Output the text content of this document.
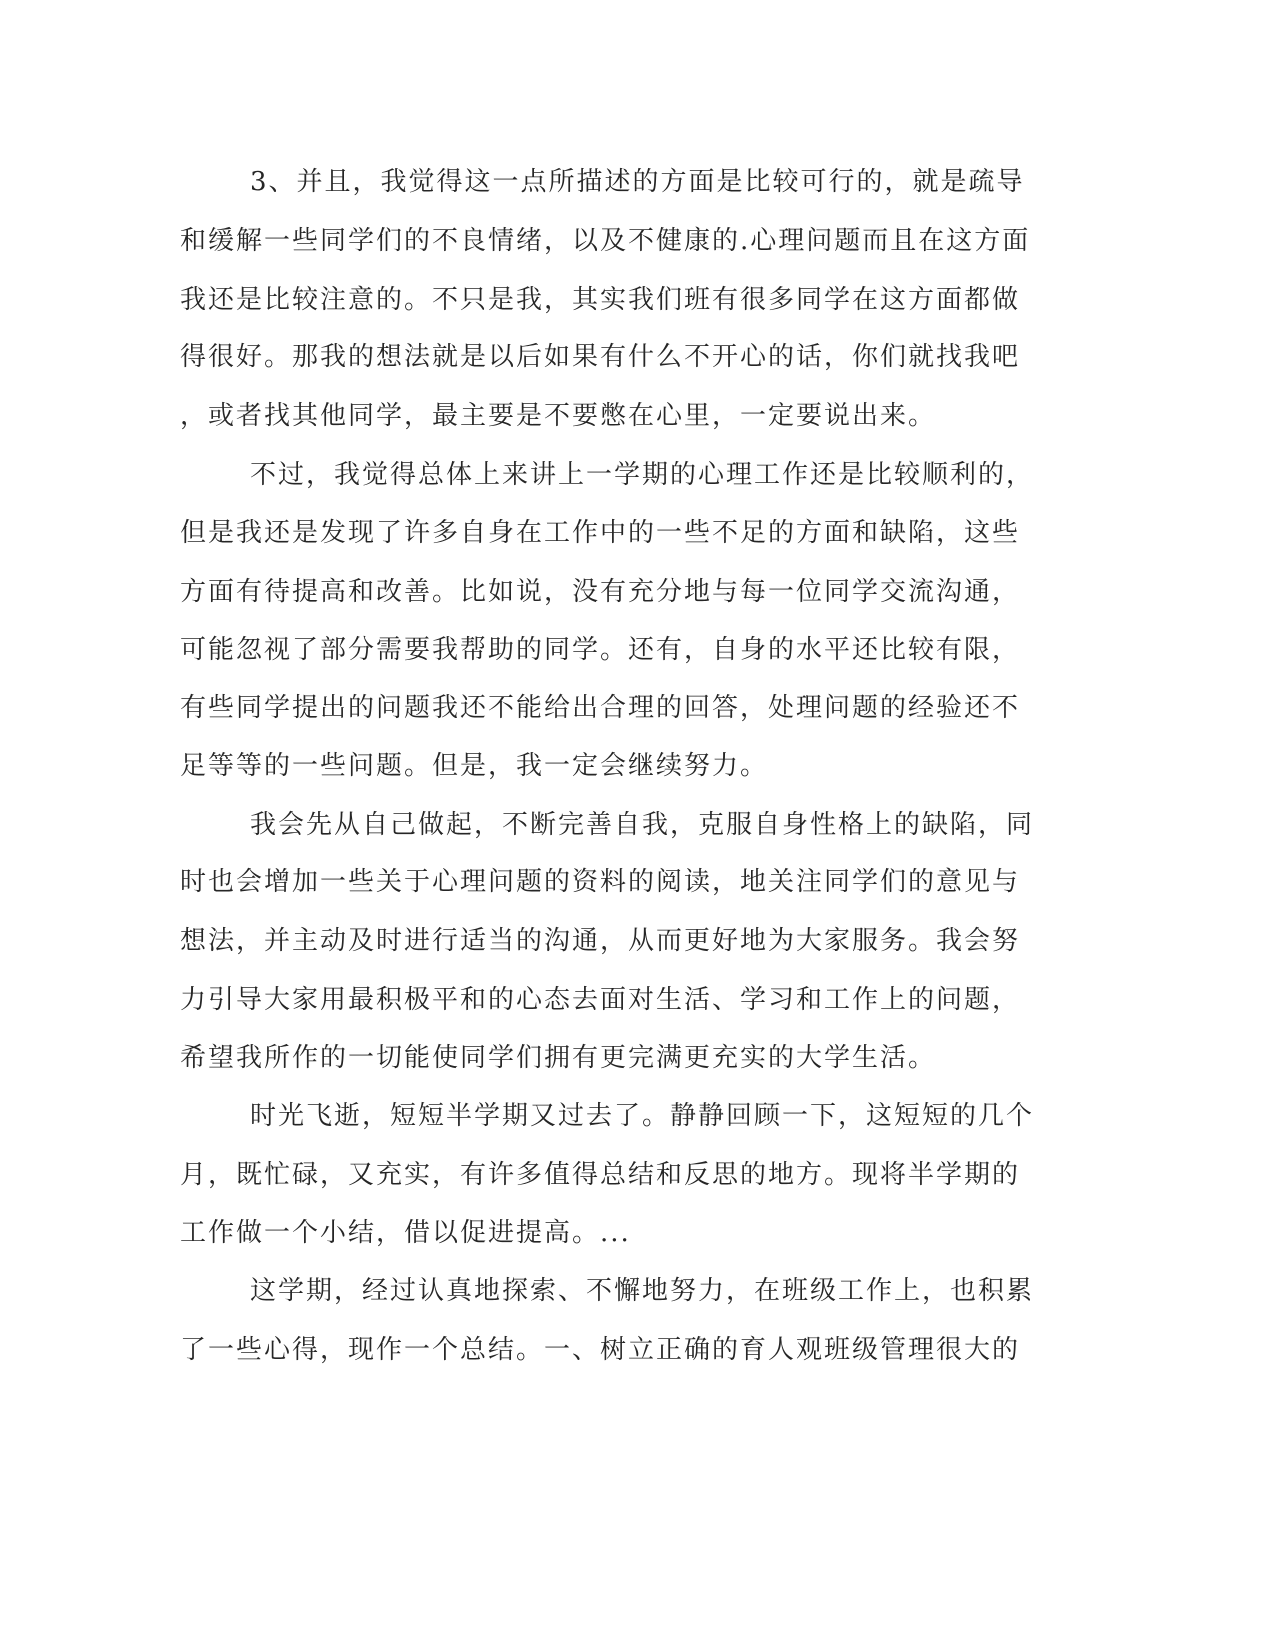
3、并且，我觉得这一点所描述的方面是比较可行的，就是疏导
和缓解一些同学们的不良情绪，以及不健康的.心理问题而且在这方面
我还是比较注意的。不只是我，其实我们班有很多同学在这方面都做
得很好。那我的想法就是以后如果有什么不开心的话，你们就找我吧
，或者找其他同学，最主要是不要憋在心里，一定要说出来。
不过，我觉得总体上来讲上一学期的心理工作还是比较顺利的，
但是我还是发现了许多自身在工作中的一些不足的方面和缺陷，这些
方面有待提高和改善。比如说，没有充分地与每一位同学交流沟通，
可能忽视了部分需要我帮助的同学。还有，自身的水平还比较有限，
有些同学提出的问题我还不能给出合理的回答，处理问题的经验还不
足等等的一些问题。但是，我一定会继续努力。
我会先从自己做起，不断完善自我，克服自身性格上的缺陷，同
时也会增加一些关于心理问题的资料的阅读，地关注同学们的意见与
想法，并主动及时进行适当的沟通，从而更好地为大家服务。我会努
力引导大家用最积极平和的心态去面对生活、学习和工作上的问题，
希望我所作的一切能使同学们拥有更完满更充实的大学生活。
时光飞逝，短短半学期又过去了。静静回顾一下，这短短的几个
月，既忙碌，又充实，有许多值得总结和反思的地方。现将半学期的
工作做一个小结，借以促进提高。...
这学期，经过认真地探索、不懈地努力，在班级工作上，也积累
了一些心得，现作一个总结。一、树立正确的育人观班级管理很大的
